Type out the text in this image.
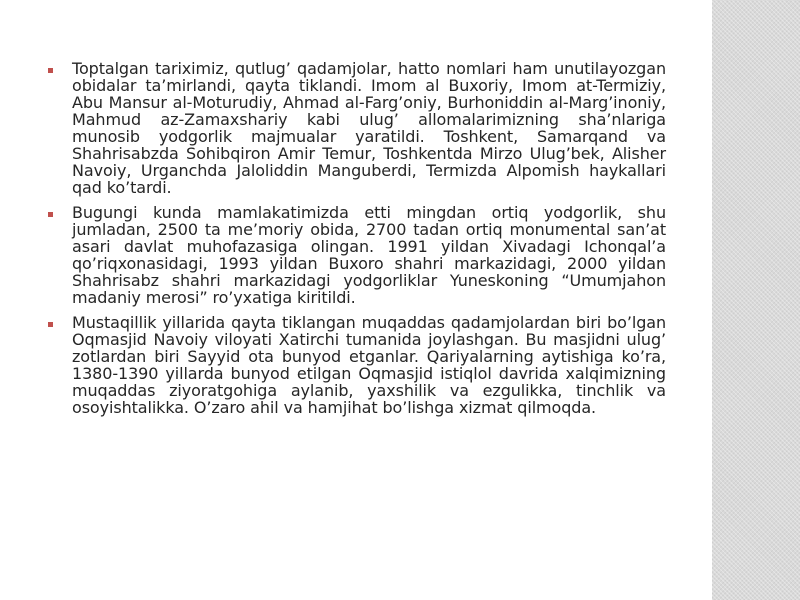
Toptalgan tariximiz, qutlug’ qadamjolar, hatto nomlari ham unutilayozgan obidalar ta’mirlandi, qayta tiklandi. Imom al Buxoriy, Imom at-Termiziy, Abu Mansur al-Moturudiy, Ahmad al-Farg’oniy, Burhoniddin al-Marg’inoniy, Mahmud az-Zamaxshariy kabi ulug’ allomalarimizning sha’nlariga munosib yodgorlik majmualar yaratildi. Toshkent, Samarqand va Shahrisabzda Sohibqiron Amir Temur, Toshkentda Mirzo Ulug’bek, Alisher Navoiy, Urganchda Jaloliddin Manguberdi, Termizda Alpomish haykallari qad ko’tardi.
Bugungi kunda mamlakatimizda etti mingdan ortiq yodgorlik, shu jumladan, 2500 ta me’moriy obida, 2700 tadan ortiq monumental san’at asari davlat muhofazasiga olingan. 1991 yildan Xivadagi Ichonqal’a qo’riqxonasidagi, 1993 yildan Buxoro shahri markazidagi, 2000 yildan Shahrisabz shahri markazidagi yodgorliklar Yuneskoning “Umumjahon madaniy merosi” ro’yxatiga kiritildi.
Mustaqillik yillarida qayta tiklangan muqaddas qadamjolardan biri bo’lgan Oqmasjid Navoiy viloyati Xatirchi tumanida joylashgan. Bu masjidni ulug’ zotlardan biri Sayyid ota bunyod etganlar. Qariyalarning aytishiga ko’ra, 1380-1390 yillarda bunyod etilgan Oqmasjid istiqlol davrida xalqimizning muqaddas ziyoratgohiga aylanib, yaxshilik va ezgulikka, tinchlik va osoyishtalikka. O’zaro ahil va hamjihat bo’lishga xizmat qilmoqda.
